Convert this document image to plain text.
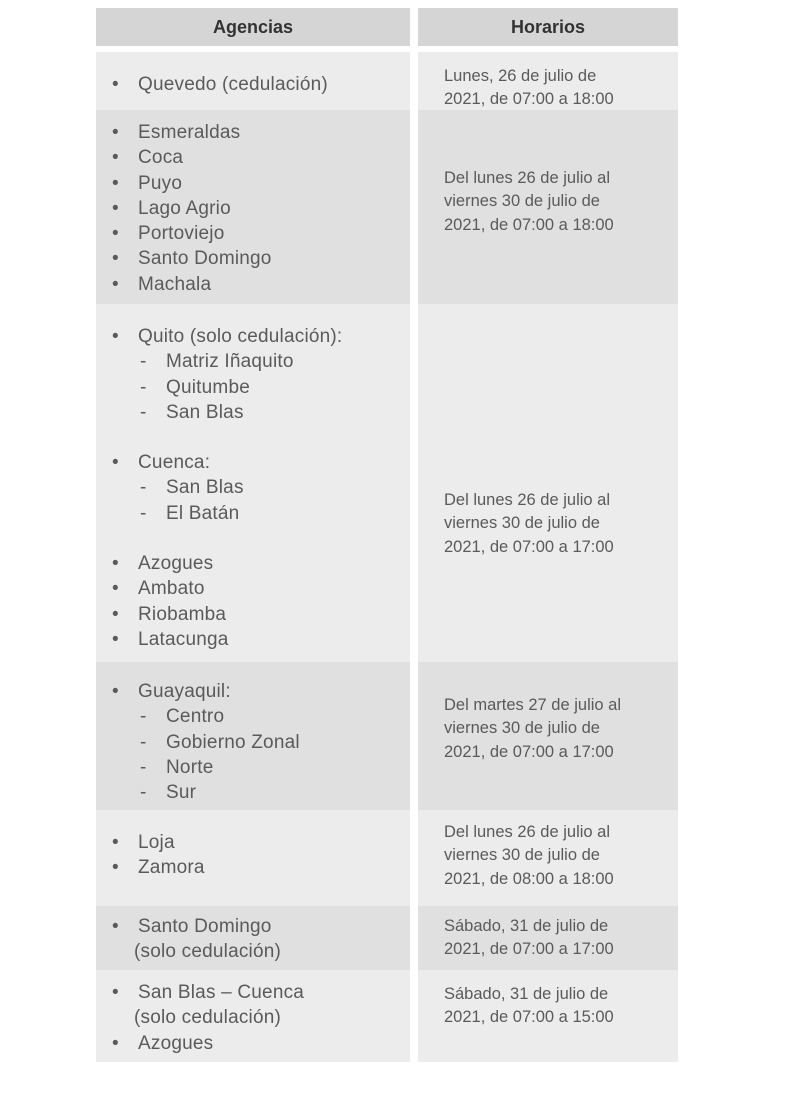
Agencias	Horarios
• Quevedo (cedulación)	Lunes, 26 de julio de
2021, de 07:00 a 18:00
• Esmeraldas
• Coca
• Puyo
• Lago Agrio
• Portoviejo
• Santo Domingo
• Machala
Del lunes 26 de julio al
viernes 30 de julio de
2021, de 07:00 a 18:00
• Quito (solo cedulación):
- Matriz Iñaquito
- Quitumbe
- San Blas
• Cuenca:
- San Blas
- El Batán
• Azogues
• Ambato
• Riobamba
• Latacunga
Del lunes 26 de julio al
viernes 30 de julio de
2021, de 07:00 a 17:00
• Guayaquil:
- Centro
- Gobierno Zonal
- Norte
- Sur
Del martes 27 de julio al
viernes 30 de julio de
2021, de 07:00 a 17:00
• Loja
• Zamora
Del lunes 26 de julio al
viernes 30 de julio de
2021, de 08:00 a 18:00
• Santo Domingo
(solo cedulación)
Sábado, 31 de julio de
2021, de 07:00 a 17:00
• San Blas – Cuenca
(solo cedulación)
• Azogues
Sábado, 31 de julio de
2021, de 07:00 a 15:00
